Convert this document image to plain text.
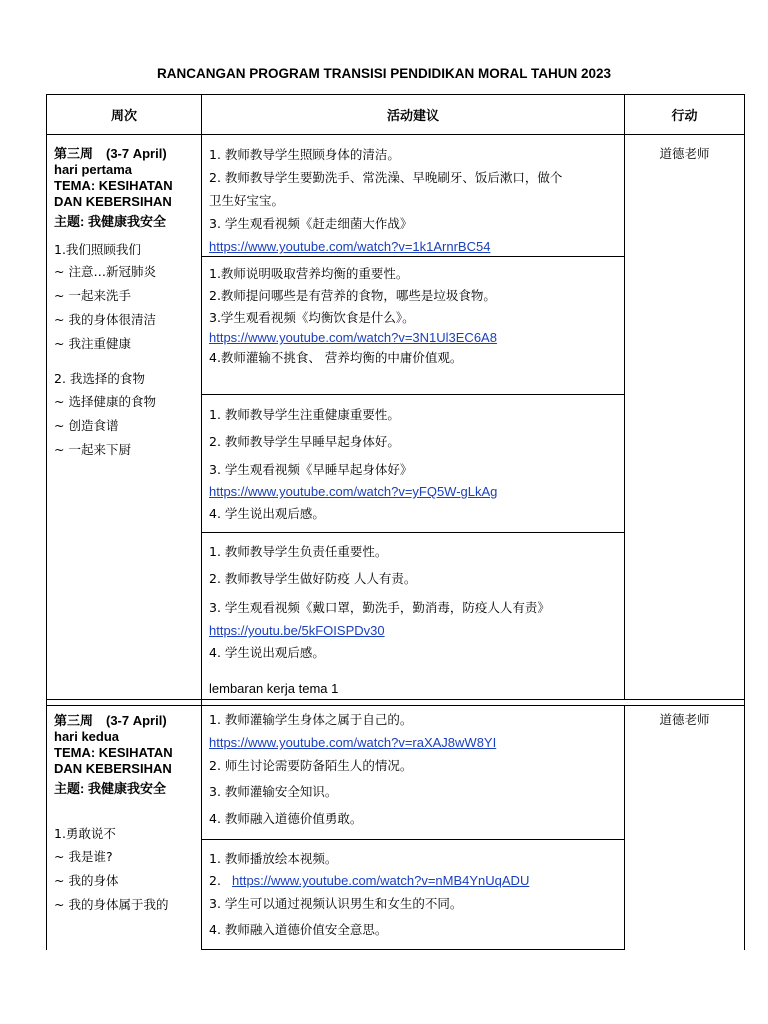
RANCANGAN PROGRAM TRANSISI PENDIDIKAN MORAL TAHUN 2023
周次	活动建议	行动

第三周　(3-7 April)

hari pertama

TEMA: KESIHATAN

DAN KEBERSIHAN

主题: 我健康我安全

1.我们照顾我们

~ 注意…新冠肺炎

~ 一起来洗手

~ 我的身体很清洁

~ 我注重健康

2. 我选择的食物

~ 选择健康的食物

~ 创造食谱

~ 一起来下厨

道德老师

1. 教师教导学生照顾身体的清洁。

2. 教师教导学生要勤洗手、常洗澡、早晚刷牙、饭后漱口，做个

卫生好宝宝。

3. 学生观看视频《赶走细菌大作战》

https://www.youtube.com/watch?v=1k1ArnrBC54

1.教师说明吸取营养均衡的重要性。

2.教师提问哪些是有营养的食物，哪些是垃圾食物。

3.学生观看视频《均衡饮食是什么》。

https://www.youtube.com/watch?v=3N1Ul3EC6A8

4.教师灌输不挑食、 营养均衡的中庸价值观。

1. 教师教导学生注重健康重要性。

2. 教师教导学生早睡早起身体好。

3. 学生观看视频《早睡早起身体好》

https://www.youtube.com/watch?v=yFQ5W-gLkAg

4. 学生说出观后感。

1. 教师教导学生负责任重要性。

2. 教师教导学生做好防疫 人人有责。

3. 学生观看视频《戴口罩，勤洗手，勤消毒，防疫人人有责》

https://youtu.be/5kFOISPDv30

4. 学生说出观后感。

lembaran kerja tema 1

第三周　(3-7 April)

hari kedua

TEMA: KESIHATAN

DAN KEBERSIHAN

主题: 我健康我安全

1.勇敢说不

~ 我是谁?

~ 我的身体

~ 我的身体属于我的

道德老师

1. 教师灌输学生身体之属于自己的。

https://www.youtube.com/watch?v=raXAJ8wW8YI

2. 师生讨论需要防备陌生人的情况。

3. 教师灌输安全知识。

4. 教师融入道德价值勇敢。

1. 教师播放绘本视频。

2. https://www.youtube.com/watch?v=nMB4YnUqADU

3. 学生可以通过视频认识男生和女生的不同。

4. 教师融入道德价值安全意思。
